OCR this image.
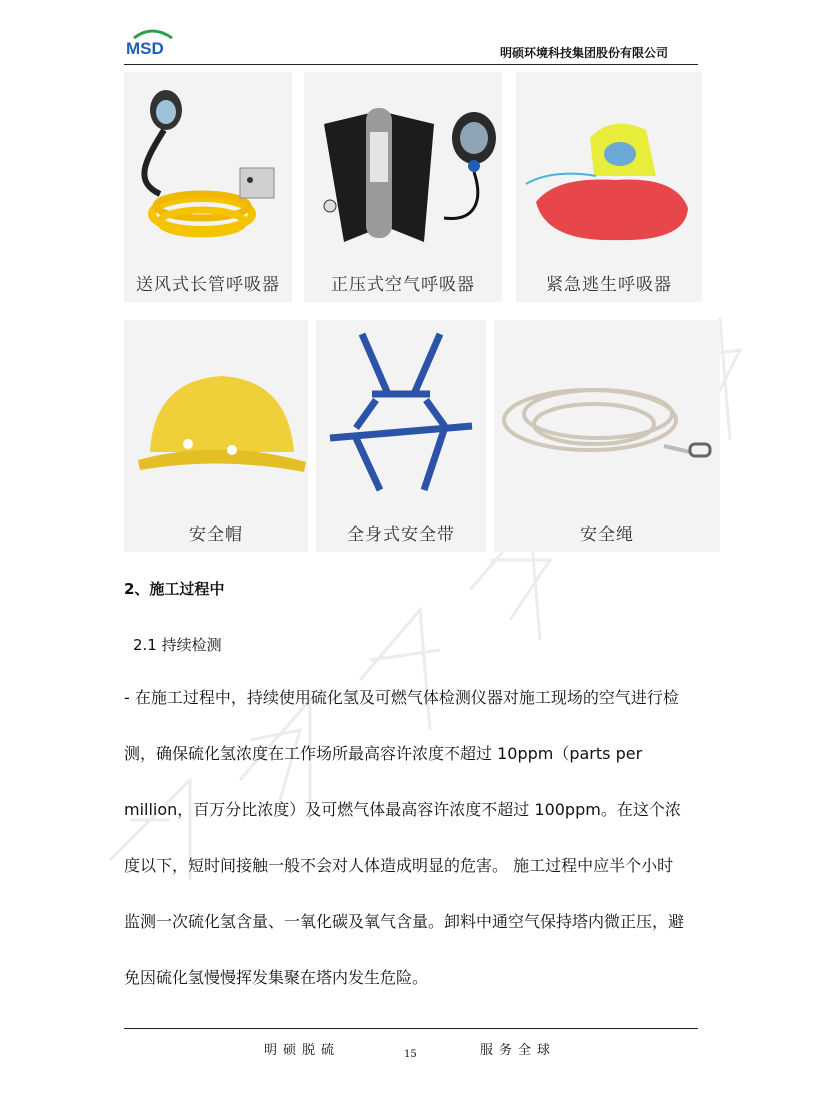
MSD	明硕环境科技集团股份有限公司
送风式长管呼吸器	正压式空气呼吸器	紧急逃生呼吸器
安全帽	全身式安全带	安全绳
2、施工过程中
2.1 持续检测
- 在施工过程中，持续使用硫化氢及可燃气体检测仪器对施工现场的空气进行检
测，确保硫化氢浓度在工作场所最高容许浓度不超过 10ppm（parts per
million，百万分比浓度）及可燃气体最高容许浓度不超过 100ppm。在这个浓
度以下，短时间接触一般不会对人体造成明显的危害。 施工过程中应半个小时
监测一次硫化氢含量、一氧化碳及氧气含量。卸料中通空气保持塔内微正压，避
免因硫化氢慢慢挥发集聚在塔内发生危险。
明硕脱硫	15	服务全球
